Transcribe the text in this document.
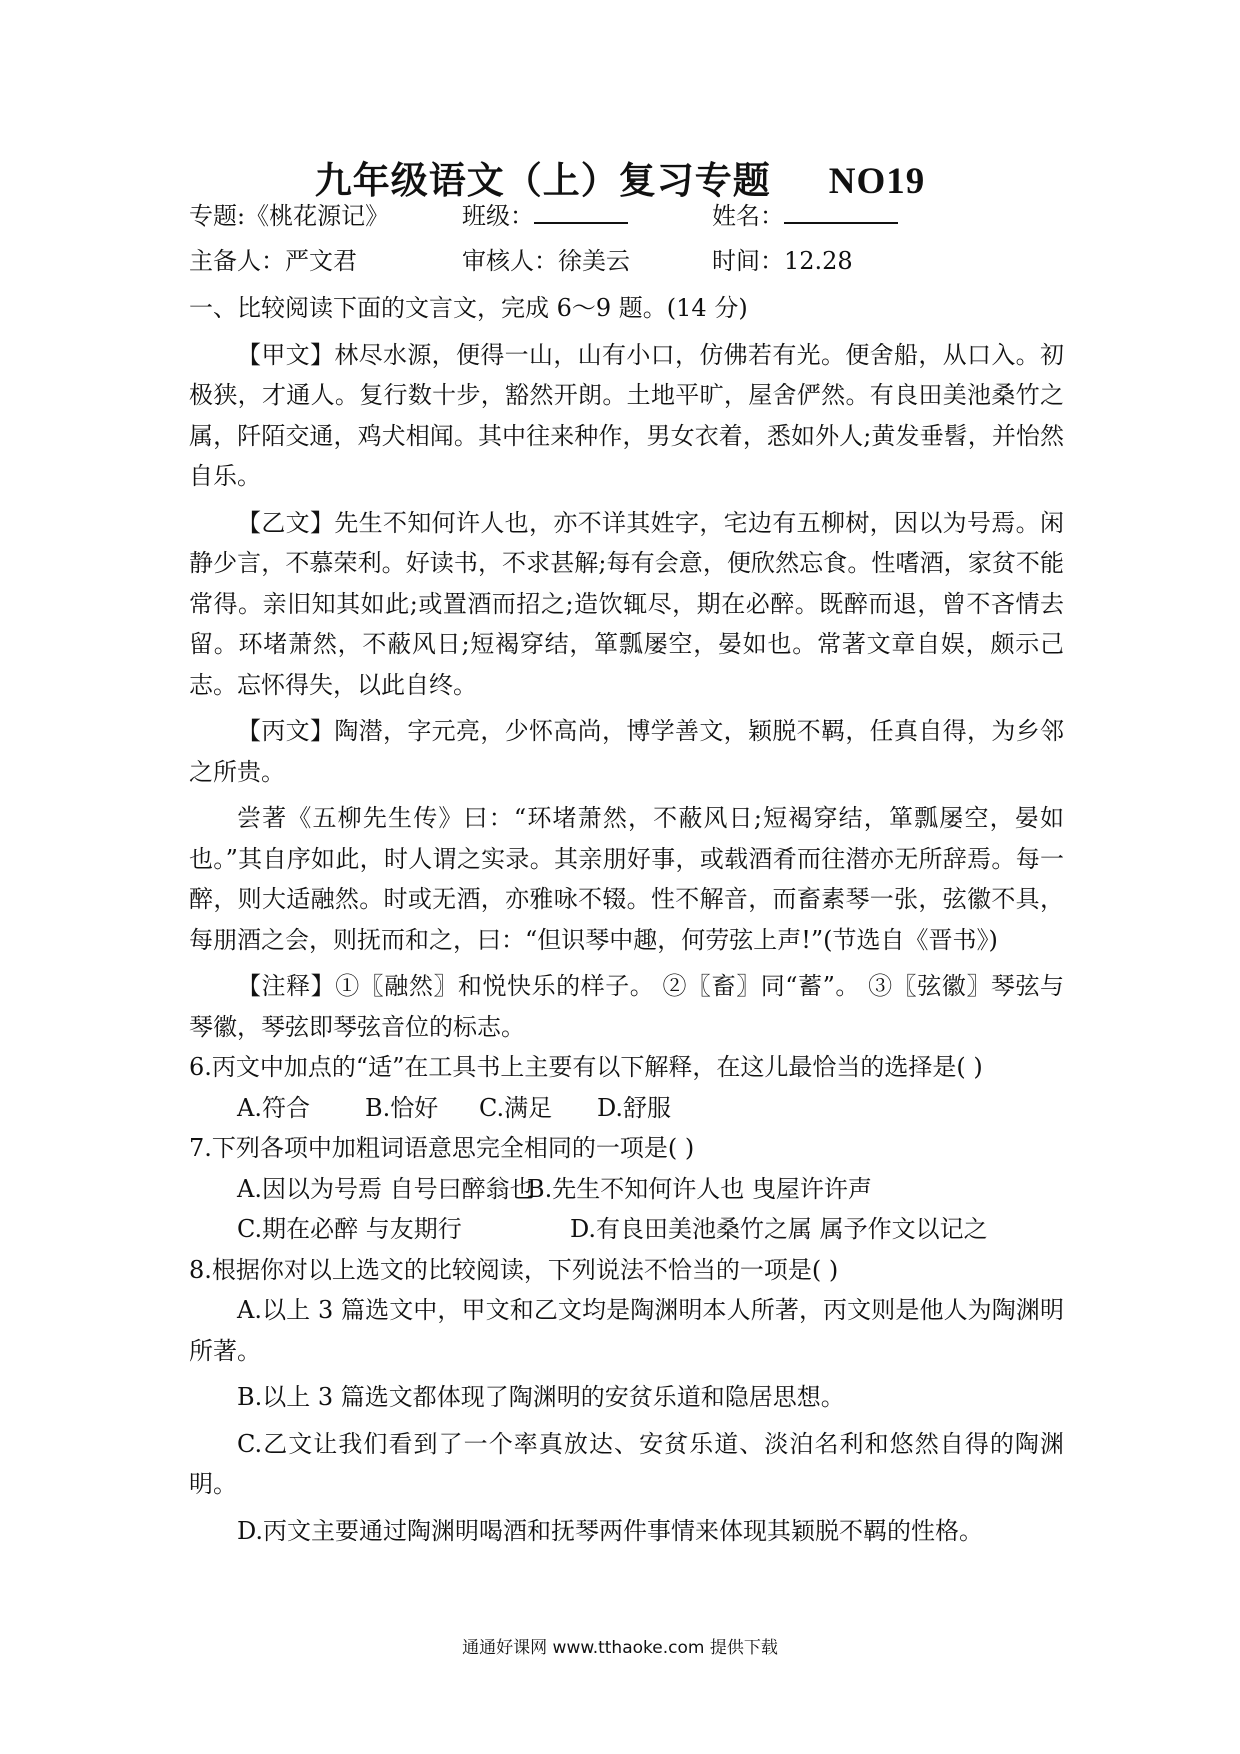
九年级语文（上）复习专题 NO19
专题:《桃花源记》	班级：	姓名：
主备人：严文君	审核人：徐美云	时间：12.28

一、比较阅读下面的文言文，完成 6～9 题。(14 分)

【甲文】林尽水源，便得一山，山有小口，仿佛若有光。便舍船，从口入。初极狭，才通人。复行数十步，豁然开朗。土地平旷，屋舍俨然。有良田美池桑竹之属，阡陌交通，鸡犬相闻。其中往来种作，男女衣着，悉如外人;黄发垂髫，并怡然自乐。

【乙文】先生不知何许人也，亦不详其姓字，宅边有五柳树，因以为号焉。闲静少言，不慕荣利。好读书，不求甚解;每有会意，便欣然忘食。性嗜酒，家贫不能常得。亲旧知其如此;或置酒而招之;造饮辄尽，期在必醉。既醉而退，曾不吝情去留。环堵萧然，不蔽风日;短褐穿结，箪瓢屡空，晏如也。常著文章自娱，颇示己志。忘怀得失，以此自终。

【丙文】陶潜，字元亮，少怀高尚，博学善文，颖脱不羁，任真自得，为乡邻之所贵。

尝著《五柳先生传》曰：“环堵萧然，不蔽风日;短褐穿结，箪瓢屡空，晏如也。”其自序如此，时人谓之实录。其亲朋好事，或载酒肴而往潜亦无所辞焉。每一醉，则大适融然。时或无酒，亦雅咏不辍。性不解音，而畜素琴一张，弦徽不具，每朋酒之会，则抚而和之，曰：“但识琴中趣，何劳弦上声!”(节选自《晋书》)

【注释】①〖融然〗和悦快乐的样子。 ②〖畜〗同“蓄”。 ③〖弦徽〗琴弦与琴徽，琴弦即琴弦音位的标志。

6.丙文中加点的“适”在工具书上主要有以下解释，在这儿最恰当的选择是( )

A.符合 B.恰好 C.满足 D.舒服

7.下列各项中加粗词语意思完全相同的一项是( )

A.因以为号焉 自号曰醉翁也B.先生不知何许人也 曳屋许许声

C.期在必醉 与友期行	D.有良田美池桑竹之属 属予作文以记之

8.根据你对以上选文的比较阅读，下列说法不恰当的一项是( )

A.以上 3 篇选文中，甲文和乙文均是陶渊明本人所著，丙文则是他人为陶渊明所著。

B.以上 3 篇选文都体现了陶渊明的安贫乐道和隐居思想。

C.乙文让我们看到了一个率真放达、安贫乐道、淡泊名利和悠然自得的陶渊明。

D.丙文主要通过陶渊明喝酒和抚琴两件事情来体现其颖脱不羁的性格。

通通好课网 www.tthaoke.com 提供下载
